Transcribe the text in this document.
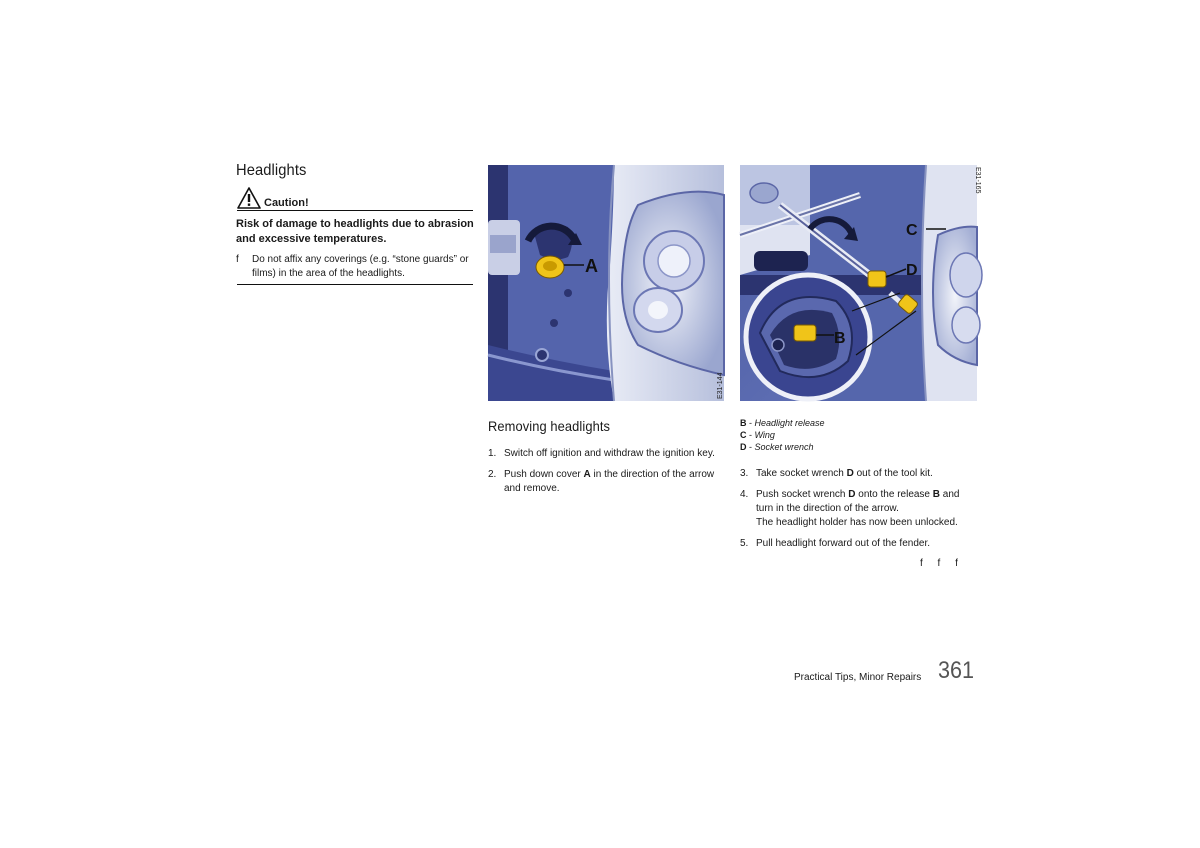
Headlights
Caution!
Risk of damage to headlights due to abrasion and excessive temperatures.
f Do not affix any coverings (e.g. “stone guards” or films) in the area of the headlights.	A
E31-144
D
C
B
E31-165
Removing headlights
1. Switch off ignition and withdraw the ignition key.
2. Push down cover A in the direction of the arrow and remove.
B - Headlight release
C - Wing
D - Socket wrench
3. Take socket wrench D out of the tool kit.
4. Push socket wrench D onto the release B and turn in the direction of the arrow.
The headlight holder has now been unlocked.
5. Pull headlight forward out of the fender.
f f f
Practical Tips, Minor Repairs 361
